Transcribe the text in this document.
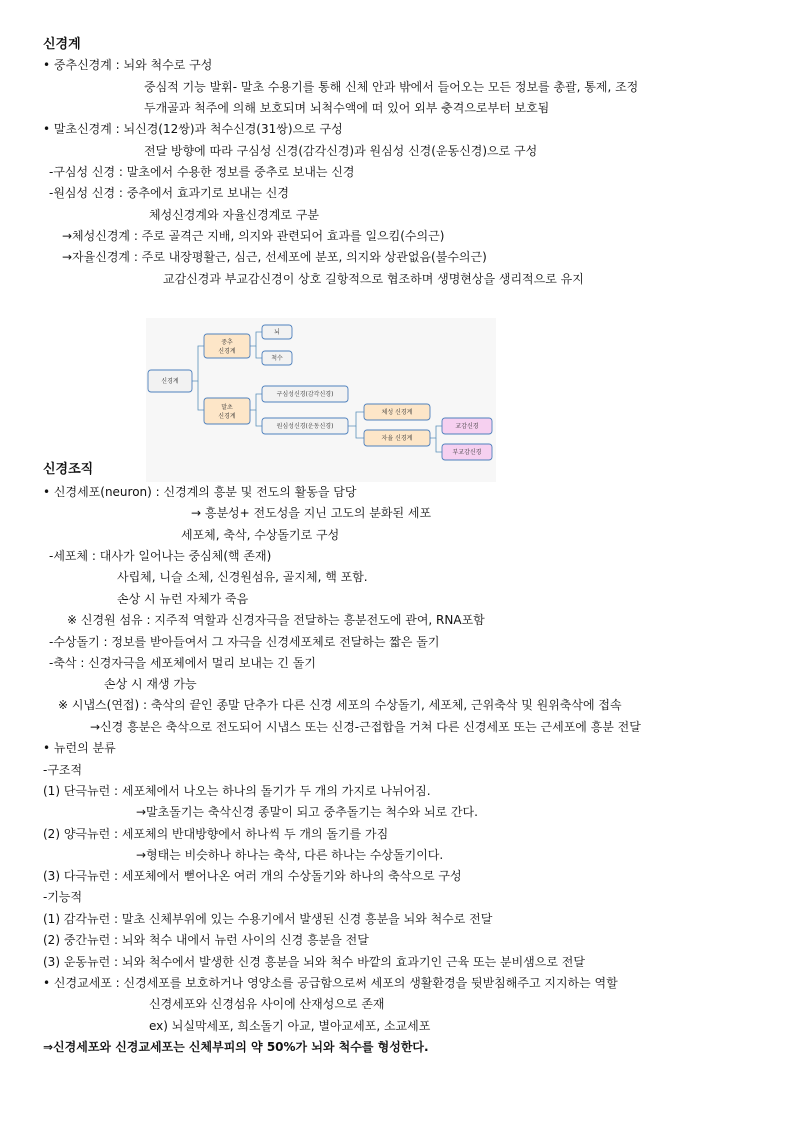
신경계
• 중추신경계 : 뇌와 척수로 구성
중심적 기능 발휘- 말초 수용기를 통해 신체 안과 밖에서 들어오는 모든 정보를 총괄, 통제, 조정
두개골과 척주에 의해 보호되며 뇌척수액에 떠 있어 외부 충격으로부터 보호됨
• 말초신경계 : 뇌신경(12쌍)과 척수신경(31쌍)으로 구성
전달 방향에 따라 구심성 신경(감각신경)과 원심성 신경(운동신경)으로 구성
-구심성 신경 : 말초에서 수용한 정보를 중추로 보내는 신경
-원심성 신경 : 중추에서 효과기로 보내는 신경
체성신경계와 자율신경계로 구분
→체성신경계 : 주로 골격근 지배, 의지와 관련되어 효과를 일으킴(수의근)
→자율신경계 : 주로 내장평활근, 심근, 선세포에 분포, 의지와 상관없음(불수의근)
교감신경과 부교감신경이 상호 길항적으로 협조하며 생명현상을 생리적으로 유지
신경계
중추
신경계
뇌
척수
말초
신경계
구심성신경(감각신경)
원심성신경(운동신경)
체성 신경계
자율 신경계
교감신경
부교감신경
신경조직
• 신경세포(neuron) : 신경계의 흥분 및 전도의 활동을 담당
→ 흥분성+ 전도성을 지닌 고도의 분화된 세포
세포체, 축삭, 수상돌기로 구성
-세포체 : 대사가 일어나는 중심체(핵 존재)
사립체, 니슬 소체, 신경원섬유, 골지체, 핵 포함.
손상 시 뉴런 자체가 죽음
※ 신경원 섬유 : 지주적 역할과 신경자극을 전달하는 흥분전도에 관여, RNA포함
-수상돌기 : 정보를 받아들여서 그 자극을 신경세포체로 전달하는 짧은 돌기
-축삭 : 신경자극을 세포체에서 멀리 보내는 긴 돌기
손상 시 재생 가능
※ 시냅스(연접) : 축삭의 끝인 종말 단추가 다른 신경 세포의 수상돌기, 세포체, 근위축삭 및 원위축삭에 접속
→신경 흥분은 축삭으로 전도되어 시냅스 또는 신경-근접합을 거쳐 다른 신경세포 또는 근세포에 흥분 전달
• 뉴런의 분류
-구조적
(1) 단극뉴런 : 세포체에서 나오는 하나의 돌기가 두 개의 가지로 나뉘어짐.
→말초돌기는 축삭신경 종말이 되고 중추돌기는 척수와 뇌로 간다.
(2) 양극뉴런 : 세포체의 반대방향에서 하나씩 두 개의 돌기를 가짐
→형태는 비슷하나 하나는 축삭, 다른 하나는 수상돌기이다.
(3) 다극뉴런 : 세포체에서 뻗어나온 여러 개의 수상돌기와 하나의 축삭으로 구성
-기능적
(1) 감각뉴런 : 말초 신체부위에 있는 수용기에서 발생된 신경 흥분을 뇌와 척수로 전달
(2) 중간뉴런 : 뇌와 척수 내에서 뉴런 사이의 신경 흥분을 전달
(3) 운동뉴런 : 뇌와 척수에서 발생한 신경 흥분을 뇌와 척수 바깥의 효과기인 근육 또는 분비샘으로 전달
• 신경교세포 : 신경세포를 보호하거나 영양소를 공급함으로써 세포의 생활환경을 뒷받침해주고 지지하는 역할
신경세포와 신경섬유 사이에 산재성으로 존재
ex) 뇌실막세포, 희소돌기 아교, 별아교세포, 소교세포
⇒신경세포와 신경교세포는 신체부피의 약 50%가 뇌와 척수를 형성한다.
